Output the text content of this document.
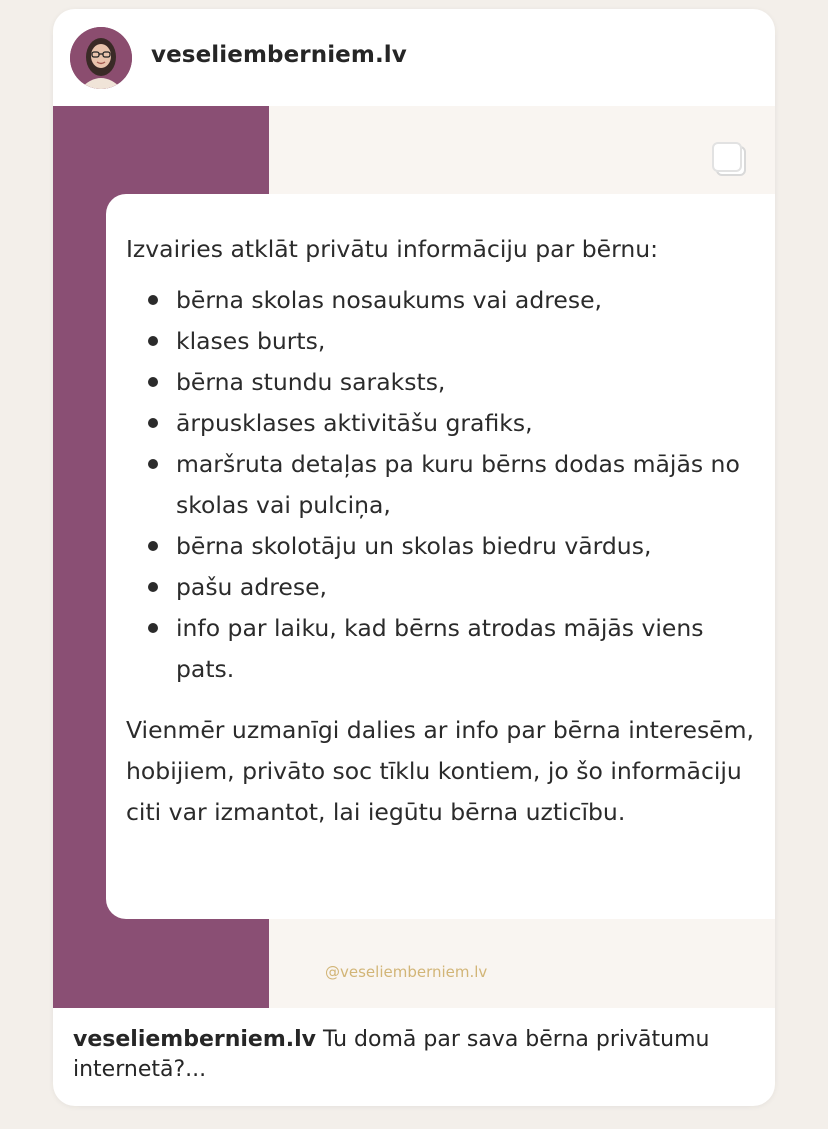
veseliemberniem.lv

Izvairies atklāt privātu informāciju par bērnu:

bērna skolas nosaukums vai adrese,
klases burts,
bērna stundu saraksts,
ārpusklases aktivitāšu grafiks,
maršruta detaļas pa kuru bērns dodas mājās no skolas vai pulciņa,
bērna skolotāju un skolas biedru vārdus,
pašu adrese,
info par laiku, kad bērns atrodas mājās viens pats.

Vienmēr uzmanīgi dalies ar info par bērna interesēm, hobijiem, privāto soc tīklu kontiem, jo šo informāciju citi var izmantot, lai iegūtu bērna uzticību.

@veseliemberniem.lv
veseliemberniem.lv Tu domā par sava bērna privātumu internetā?...
